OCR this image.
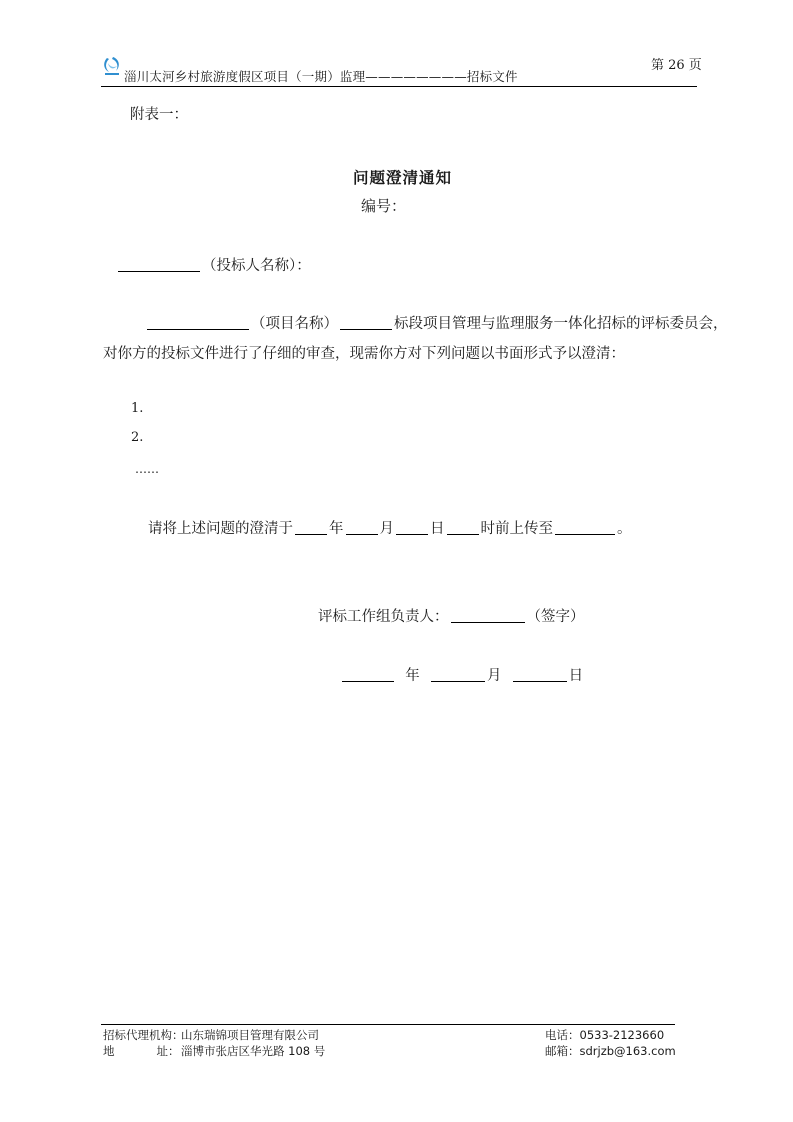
淄川太河乡村旅游度假区项目（一期）监理————————招标文件
第 26 页
附表一：
问题澄清通知
编号：
（投标人名称）：
（项目名称）	标段项目管理与监理服务一体化招标的评标委员会，
对你方的投标文件进行了仔细的审查，现需你方对下列问题以书面形式予以澄清：
1.
2.
……
请将上述问题的澄清于 年 月 日 时前上传至	。
评标工作组负责人：	（签字）
年	月	日
招标代理机构：
山东瑞锦项目管理有限公司	电话：0533-2123660
地	址： 淄博市张店区华光路 108 号	邮箱：sdrjzb@163.com
